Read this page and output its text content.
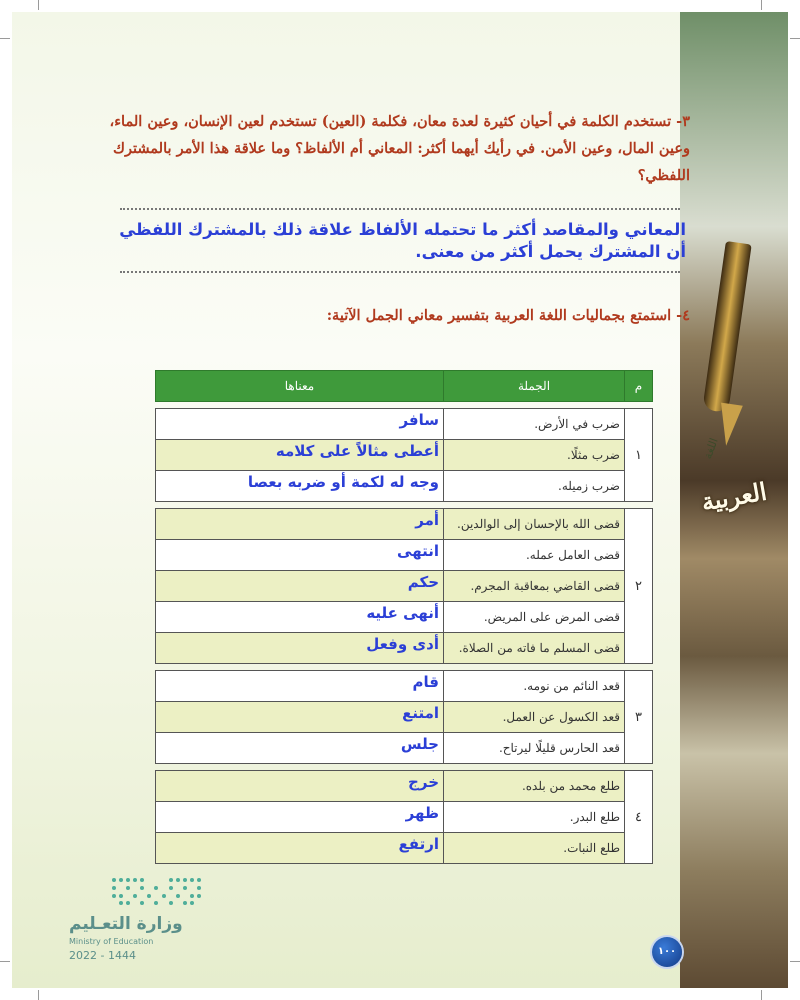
اللغة
العربية
٣- تستخدم الكلمة في أحيان كثيرة لعدة معان، فكلمة (العين) تستخدم لعين الإنسان، وعين الماء، وعين المال، وعين الأمن. في رأيك أيهما أكثر: المعاني أم الألفاظ؟ وما علاقة هذا الأمر بالمشترك اللفظي؟
المعاني والمقاصد أكثر ما تحتمله الألفاظ علاقة ذلك بالمشترك اللفظي أن المشترك يحمل أكثر من معنى.
٤- استمتع بجماليات اللغة العربية بتفسير معاني الجمل الآتية:
م	الجملة	معناها

١	ضرب في الأرض.	سافر
	ضرب مثلًا.	أعطى مثالاً على كلامه
	ضرب زميله.	وجه له لكمة أو ضربه بعصا

٢	قضى الله بالإحسان إلى الوالدين.	أمر
	قضى العامل عمله.	انتهى
	قضى القاضي بمعاقبة المجرم.	حكم
	قضى المرض على المريض.	أنهى عليه
	قضى المسلم ما فاته من الصلاة.	أدى وفعل

٣	قعد النائم من نومه.	قام
	قعد الكسول عن العمل.	امتنع
	قعد الحارس قليلًا ليرتاح.	جلس

٤	طلع محمد من بلده.	خرج
	طلع البدر.	ظهر
	طلع النبات.	ارتفع
وزارة التعـليم
Ministry of Education
2022 - 1444	١٠٠
